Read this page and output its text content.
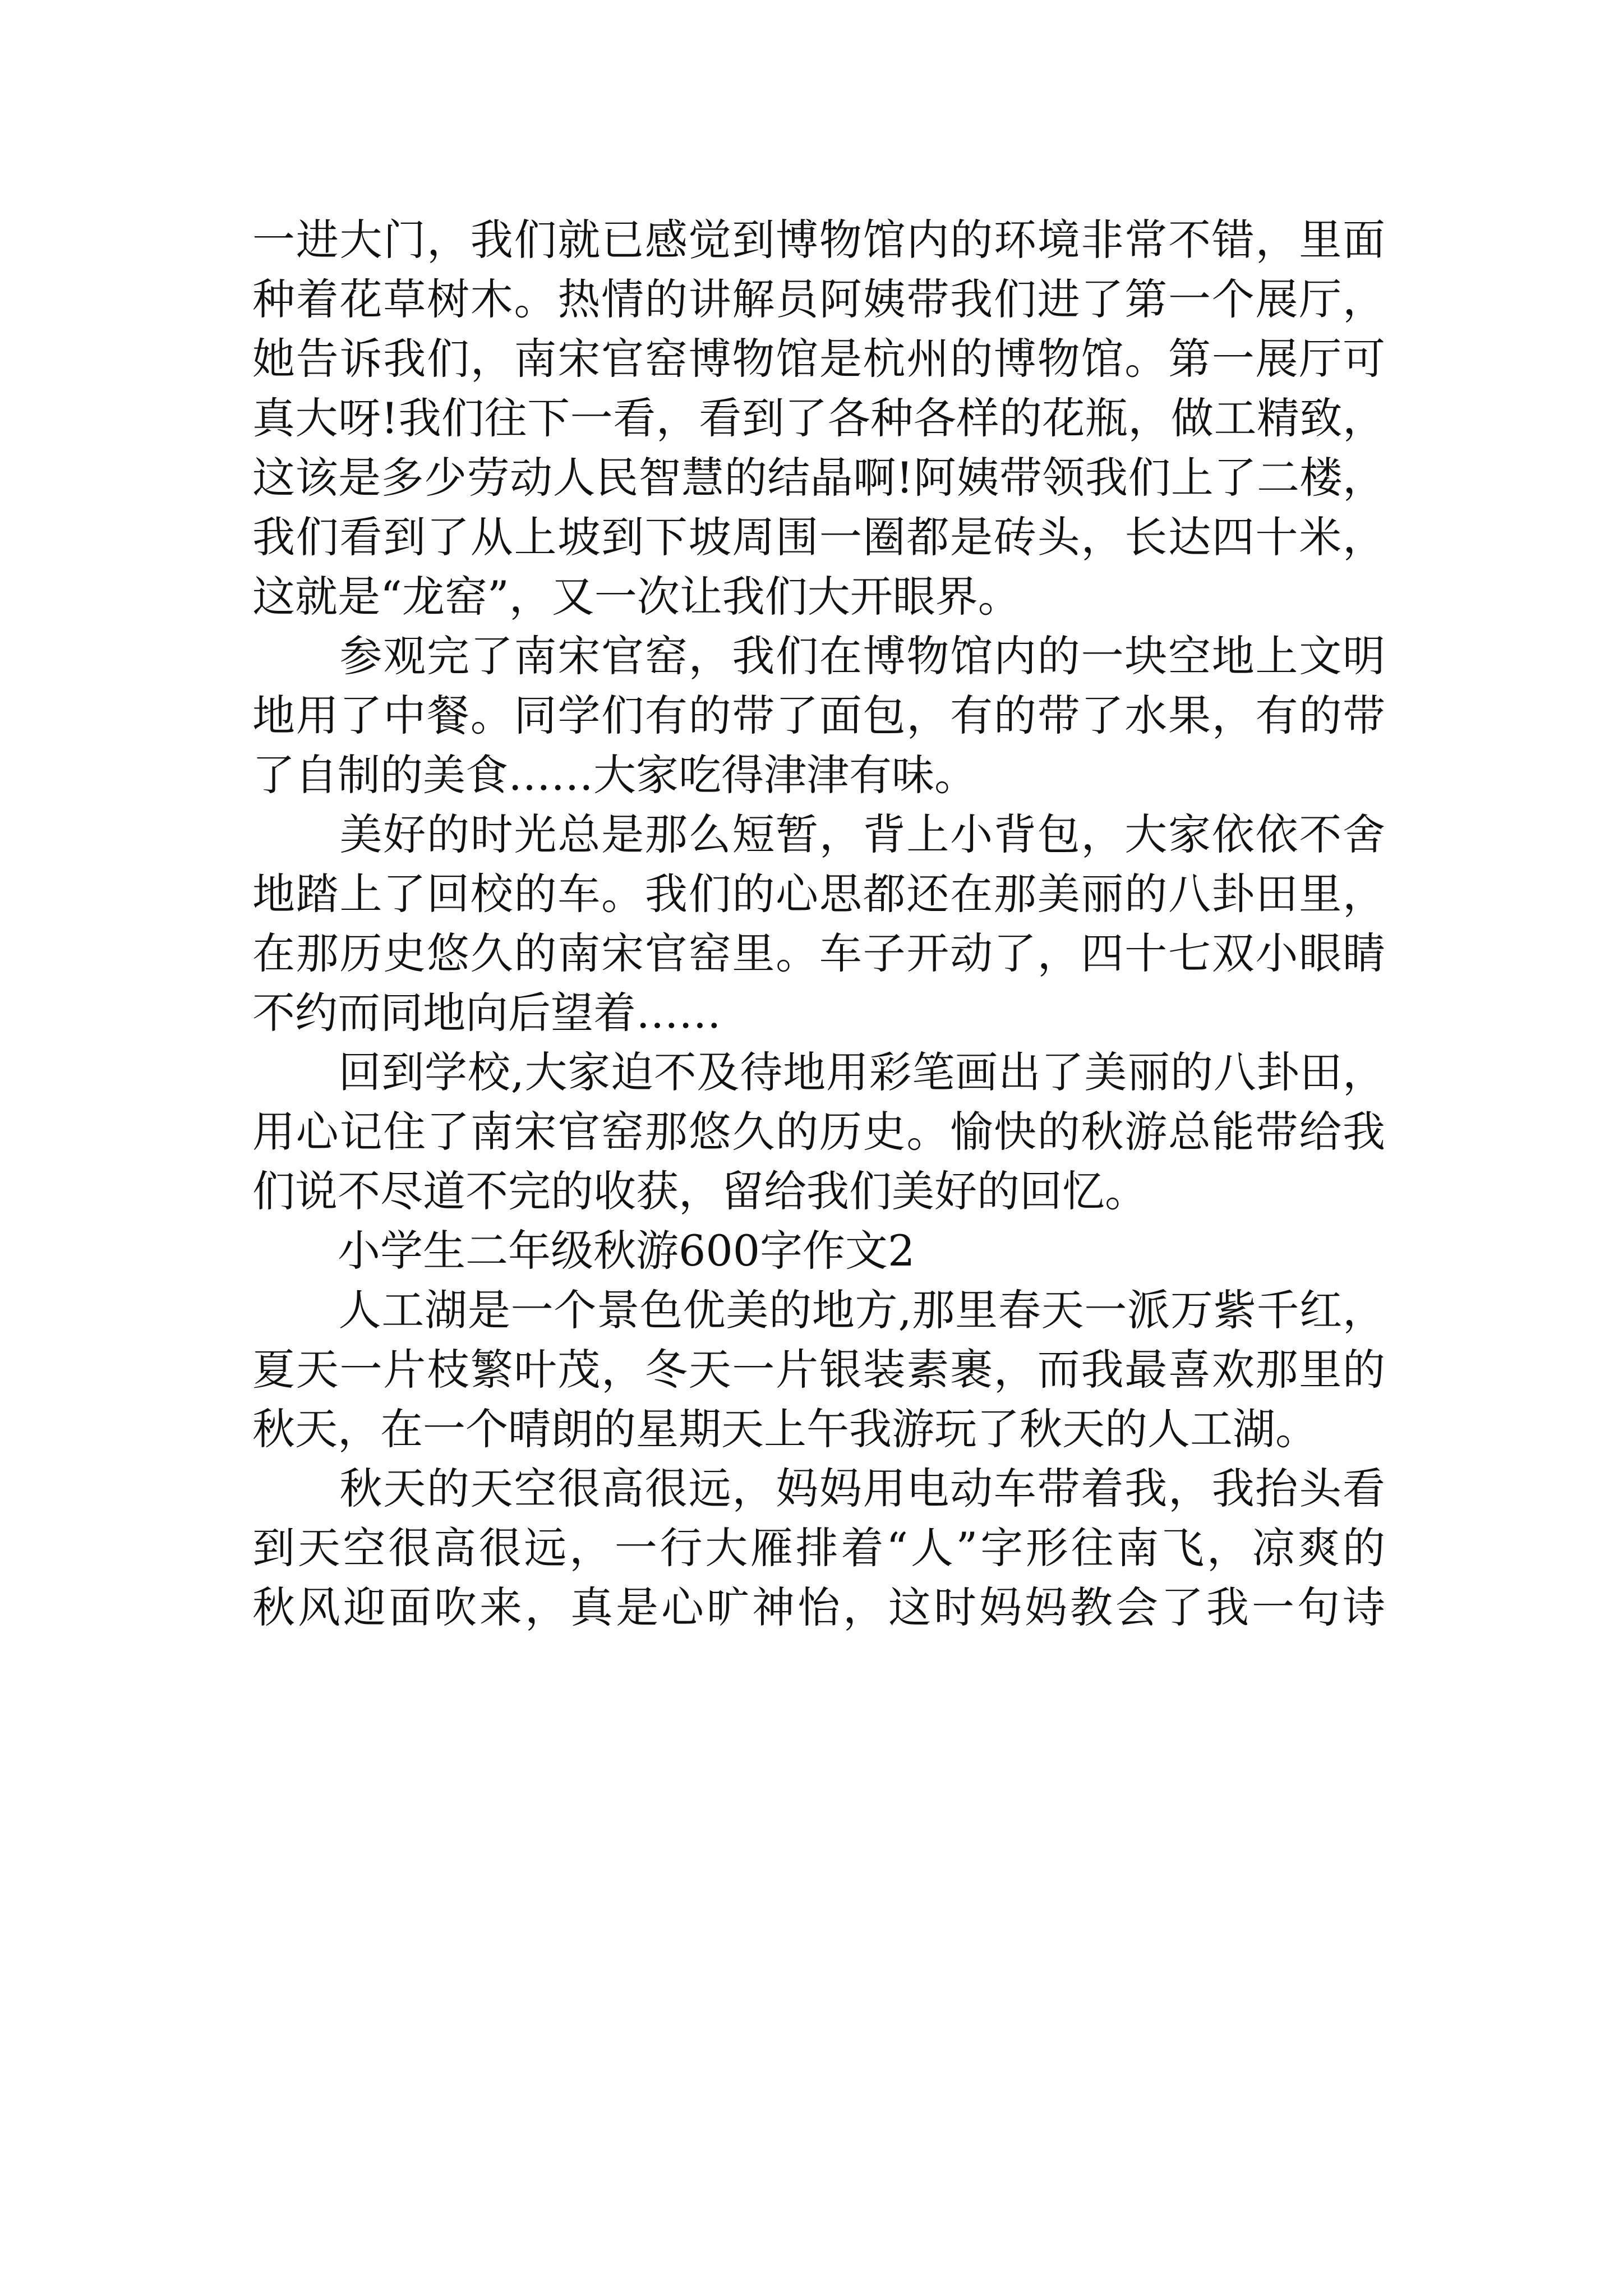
一进大门，我们就已感觉到博物馆内的环境非常不错，里面
种着花草树木。热情的讲解员阿姨带我们进了第一个展厅，
她告诉我们，南宋官窑博物馆是杭州的博物馆。第一展厅可
真大呀!我们往下一看，看到了各种各样的花瓶，做工精致，
这该是多少劳动人民智慧的结晶啊!阿姨带领我们上了二楼，
我们看到了从上坡到下坡周围一圈都是砖头，长达四十米，
这就是“龙窑”，又一次让我们大开眼界。
　　参观完了南宋官窑，我们在博物馆内的一块空地上文明
地用了中餐。同学们有的带了面包，有的带了水果，有的带
了自制的美食……大家吃得津津有味。
　　美好的时光总是那么短暂，背上小背包，大家依依不舍
地踏上了回校的车。我们的心思都还在那美丽的八卦田里，
在那历史悠久的南宋官窑里。车子开动了，四十七双小眼睛
不约而同地向后望着……
　　回到学校,大家迫不及待地用彩笔画出了美丽的八卦田，
用心记住了南宋官窑那悠久的历史。愉快的秋游总能带给我
们说不尽道不完的收获，留给我们美好的回忆。
　　小学生二年级秋游600字作文2
　　人工湖是一个景色优美的地方,那里春天一派万紫千红，
夏天一片枝繁叶茂，冬天一片银装素裹，而我最喜欢那里的
秋天，在一个晴朗的星期天上午我游玩了秋天的人工湖。
　　秋天的天空很高很远，妈妈用电动车带着我，我抬头看
到天空很高很远，一行大雁排着“人”字形往南飞，凉爽的
秋风迎面吹来，真是心旷神怡，这时妈妈教会了我一句诗
